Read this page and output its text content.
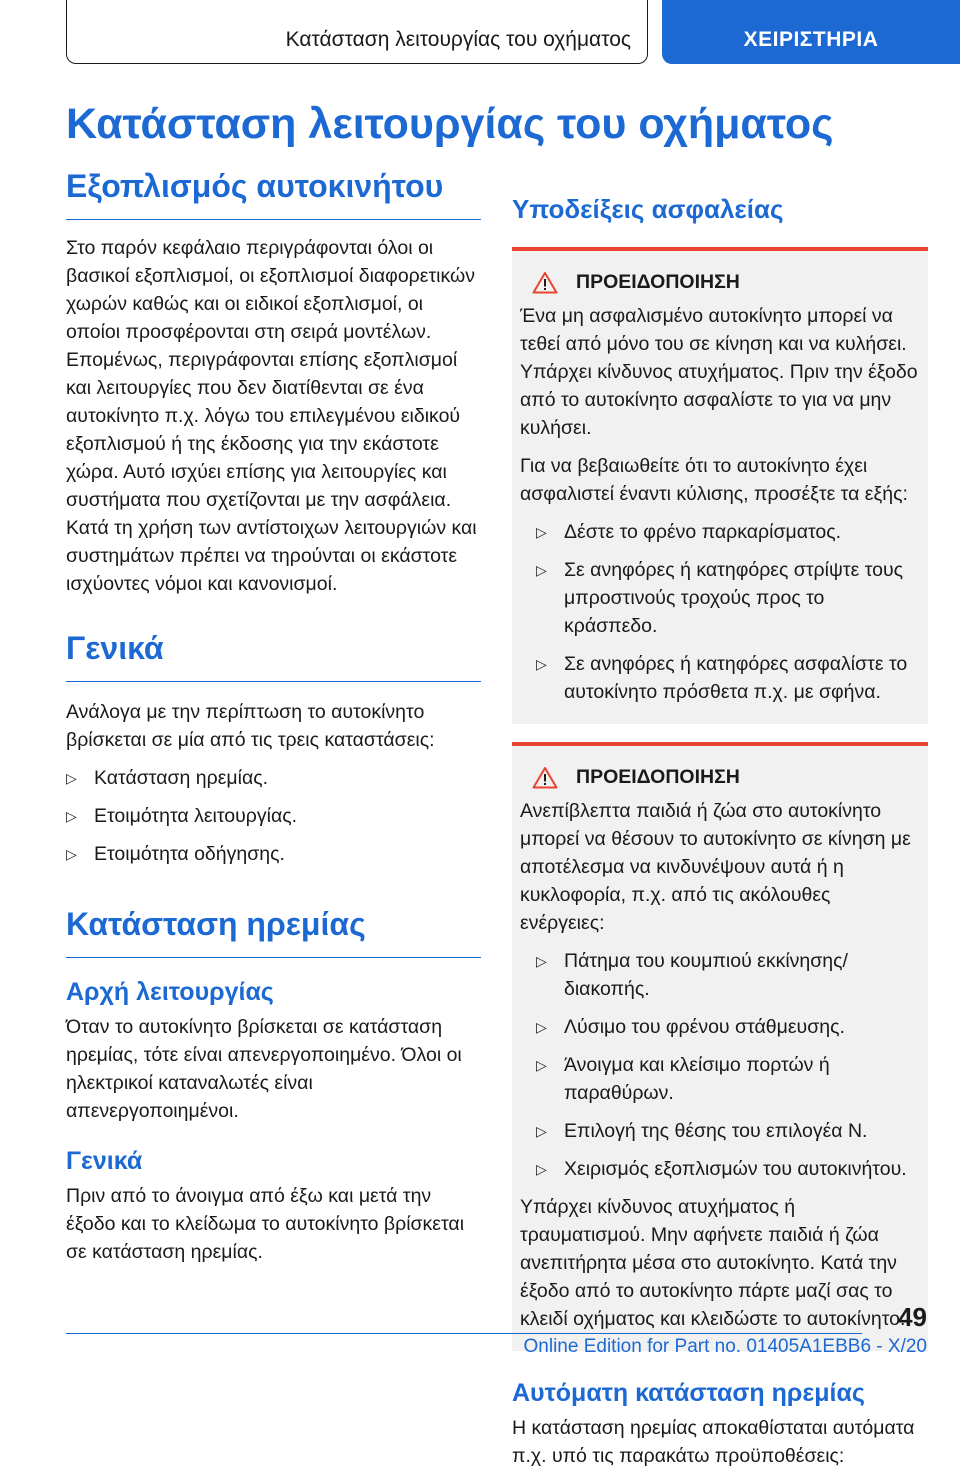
Κατάσταση λειτουργίας του οχήματος	ΧΕΙΡΙΣΤΗΡΙΑ
Κατάσταση λειτουργίας του οχήματος
Εξοπλισμός αυτοκινήτου

Στο παρόν κεφάλαιο περιγράφονται όλοι οι βασικοί εξοπλισμοί, οι εξοπλισμοί διαφορετικών χωρών καθώς και οι ειδικοί εξοπλισμοί, οι οποίοι προσφέρονται στη σειρά μοντέλων. Επομένως, περιγράφονται επίσης εξοπλισμοί και λειτουργίες που δεν διατίθενται σε ένα αυτοκίνητο π.χ. λόγω του επιλεγμένου ειδικού εξοπλισμού ή της έκδοσης για την εκάστοτε χώρα. Αυτό ισχύει επίσης για λειτουργίες και συστήματα που σχετίζονται με την ασφάλεια. Κατά τη χρήση των αντίστοιχων λειτουργιών και συστημάτων πρέπει να τηρούνται οι εκάστοτε ισχύοντες νόμοι και κανονισμοί.

Γενικά

Ανάλογα με την περίπτωση το αυτοκίνητο βρίσκεται σε μία από τις τρεις καταστάσεις:

▷ Κατάσταση ηρεμίας.
▷ Ετοιμότητα λειτουργίας.
▷ Ετοιμότητα οδήγησης.
Κατάσταση ηρεμίας
Αρχή λειτουργίας

Όταν το αυτοκίνητο βρίσκεται σε κατάσταση ηρεμίας, τότε είναι απενεργοποιημένο. Όλοι οι ηλεκτρικοί καταναλωτές είναι απενεργοποιημένοι.

Γενικά

Πριν από το άνοιγμα από έξω και μετά την έξοδο και το κλείδωμα το αυτοκίνητο βρίσκεται σε κατάσταση ηρεμίας.

Υποδείξεις ασφαλείας
ΠΡΟΕΙΔΟΠΟΙΗΣΗ

Ένα μη ασφαλισμένο αυτοκίνητο μπορεί να τεθεί από μόνο του σε κίνηση και να κυλήσει. Υπάρχει κίνδυνος ατυχήματος. Πριν την έξοδο από το αυτοκίνητο ασφαλίστε το για να μην κυλήσει.

Για να βεβαιωθείτε ότι το αυτοκίνητο έχει ασφαλιστεί έναντι κύλισης, προσέξτε τα εξής:

▷ Δέστε το φρένο παρκαρίσματος.
▷ Σε ανηφόρες ή κατηφόρες στρίψτε τους μπροστινούς τροχούς προς το κράσπεδο.
▷ Σε ανηφόρες ή κατηφόρες ασφαλίστε το αυτοκίνητο πρόσθετα π.χ. με σφήνα.
ΠΡΟΕΙΔΟΠΟΙΗΣΗ

Ανεπίβλεπτα παιδιά ή ζώα στο αυτοκίνητο μπορεί να θέσουν το αυτοκίνητο σε κίνηση με αποτέλεσμα να κινδυνέψουν αυτά ή η κυκλοφορία, π.χ. από τις ακόλουθες ενέργειες:

▷ Πάτημα του κουμπιού εκκίνησης/διακοπής.
▷ Λύσιμο του φρένου στάθμευσης.
▷ Άνοιγμα και κλείσιμο πορτών ή παραθύρων.
▷ Επιλογή της θέσης του επιλογέα N.
▷ Χειρισμός εξοπλισμών του αυτοκινήτου.

Υπάρχει κίνδυνος ατυχήματος ή τραυματισμού. Μην αφήνετε παιδιά ή ζώα ανεπιτήρητα μέσα στο αυτοκίνητο. Κατά την έξοδο από το αυτοκίνητο πάρτε μαζί σας το κλειδί οχήματος και κλειδώστε το αυτοκίνητο.

Αυτόματη κατάσταση ηρεμίας

Η κατάσταση ηρεμίας αποκαθίσταται αυτόματα π.χ. υπό τις παρακάτω προϋποθέσεις:

49
Online Edition for Part no. 01405A1EBB6 - X/20
